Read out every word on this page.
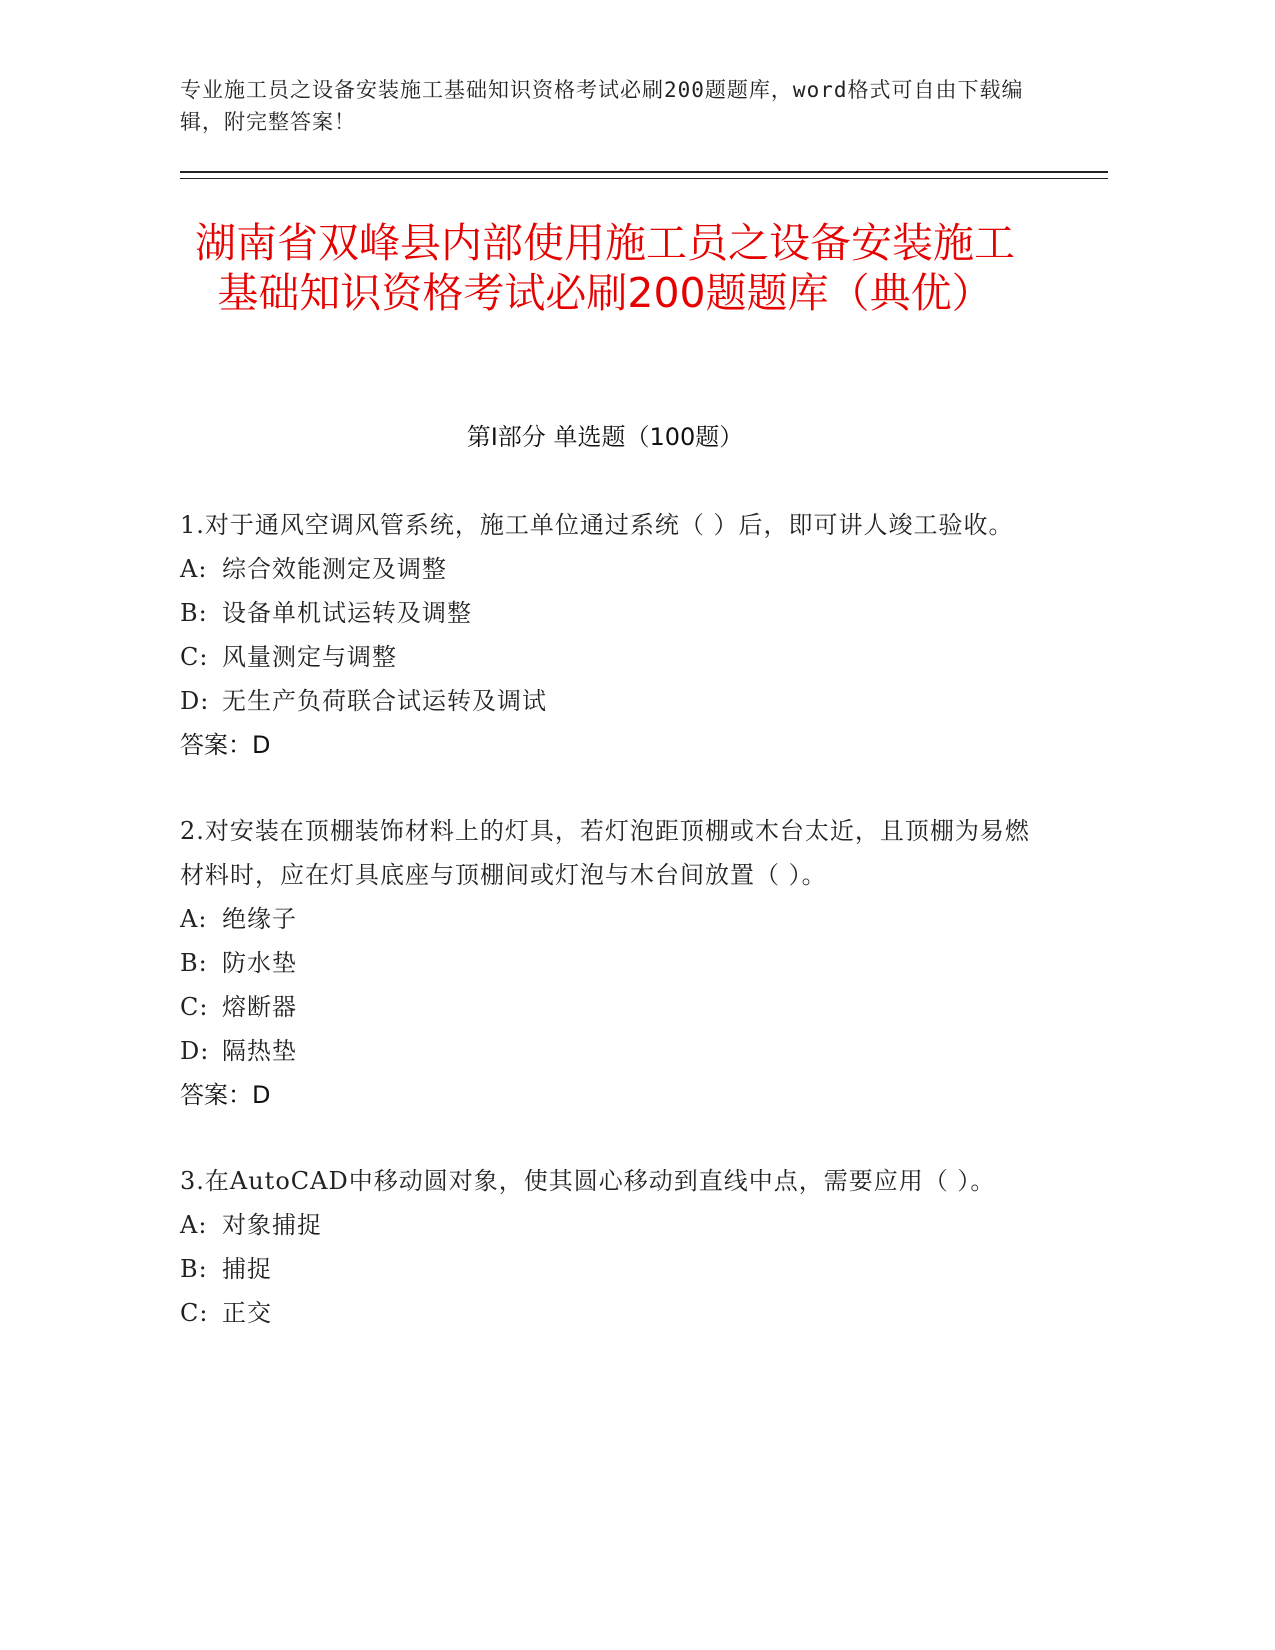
专业施工员之设备安装施工基础知识资格考试必刷200题题库，word格式可自由下载编辑，附完整答案！
湖南省双峰县内部使用施工员之设备安装施工基础知识资格考试必刷200题题库（典优）
第Ⅰ部分 单选题（100题）
1.对于通风空调风管系统，施工单位通过系统（ ）后，即可讲人竣工验收。
A: 综合效能测定及调整
B: 设备单机试运转及调整
C: 风量测定与调整
D: 无生产负荷联合试运转及调试
答案：D
2.对安装在顶棚装饰材料上的灯具，若灯泡距顶棚或木台太近，且顶棚为易燃材料时，应在灯具底座与顶棚间或灯泡与木台间放置（ ）。
A: 绝缘子
B: 防水垫
C: 熔断器
D: 隔热垫
答案：D
3.在AutoCAD中移动圆对象，使其圆心移动到直线中点，需要应用（ ）。
A: 对象捕捉
B: 捕捉
C: 正交
